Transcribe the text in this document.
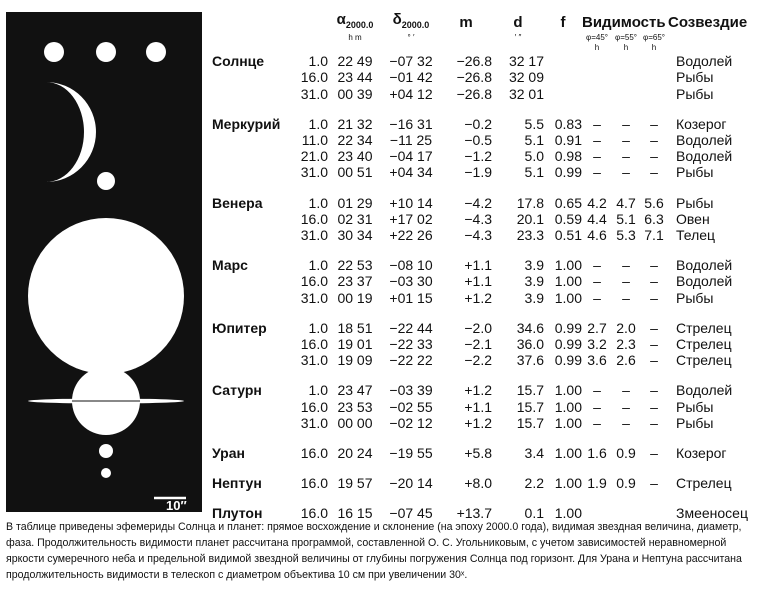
10″
		$\alpha_{2000.0}$	$\delta_{2000.0}$	m	d	f	Видимость			Созвездие
		h m	° ′		′ ″		φ=45°	φ=55°	φ=65°	
							h	h	h	
Солнце	1.0	22 49	−07 32	−26.8	32 17					Водолей
	16.0	23 44	−01 42	−26.8	32 09					Рыбы
	31.0	00 39	+04 12	−26.8	32 01					Рыбы

Меркурий	1.0	21 32	−16 31	−0.2	5.5	0.83	–	–	–	Козерог
	11.0	22 34	−11 25	−0.5	5.1	0.91	–	–	–	Водолей
	21.0	23 40	−04 17	−1.2	5.0	0.98	–	–	–	Водолей
	31.0	00 51	+04 34	−1.9	5.1	0.99	–	–	–	Рыбы

Венера	1.0	01 29	+10 14	−4.2	17.8	0.65	4.2	4.7	5.6	Рыбы
	16.0	02 31	+17 02	−4.3	20.1	0.59	4.4	5.1	6.3	Овен
	31.0	30 34	+22 26	−4.3	23.3	0.51	4.6	5.3	7.1	Телец

Марс	1.0	22 53	−08 10	+1.1	3.9	1.00	–	–	–	Водолей
	16.0	23 37	−03 30	+1.1	3.9	1.00	–	–	–	Водолей
	31.0	00 19	+01 15	+1.2	3.9	1.00	–	–	–	Рыбы

Юпитер	1.0	18 51	−22 44	−2.0	34.6	0.99	2.7	2.0	–	Стрелец
	16.0	19 01	−22 33	−2.1	36.0	0.99	3.2	2.3	–	Стрелец
	31.0	19 09	−22 22	−2.2	37.6	0.99	3.6	2.6	–	Стрелец

Сатурн	1.0	23 47	−03 39	+1.2	15.7	1.00	–	–	–	Водолей
	16.0	23 53	−02 55	+1.1	15.7	1.00	–	–	–	Рыбы
	31.0	00 00	−02 12	+1.2	15.7	1.00	–	–	–	Рыбы

Уран	16.0	20 24	−19 55	+5.8	3.4	1.00	1.6	0.9	–	Козерог

Нептун	16.0	19 57	−20 14	+8.0	2.2	1.00	1.9	0.9	–	Стрелец

Плутон	16.0	16 15	−07 45	+13.7	0.1	1.00				Змееносец
В таблице приведены эфемериды Солнца и планет: прямое восхождение и склонение (на эпоху 2000.0 года), видимая звездная величина, диаметр, фаза. Продолжительность видимости планет рассчитана программой, составленной О. С. Угольниковым, с учетом зависимостей неравномерной яркости сумеречного неба и предельной видимой звездной величины от глубины погружения Солнца под горизонт. Для Урана и Нептуна рассчитана продолжительность видимости в телескоп с диаметром объектива 10 см при увеличении 30ˣ.
